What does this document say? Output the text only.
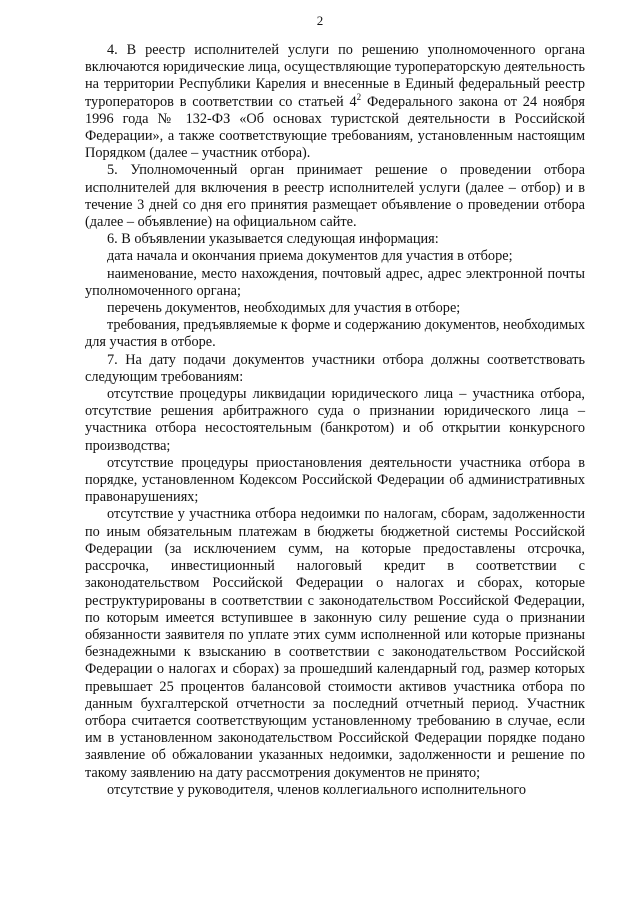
2

4. В реестр исполнителей услуги по решению уполномоченного органа включаются юридические лица, осуществляющие туроператорскую деятельность на территории Республики Карелия и внесенные в Единый федеральный реестр туроператоров в соответствии со статьей $4^2$ Федерального закона от 24 ноября 1996 года № 132-ФЗ «Об основах туристской деятельности в Российской Федерации», а также соответствующие требованиям, установленным настоящим Порядком (далее – участник отбора).

5. Уполномоченный орган принимает решение о проведении отбора исполнителей для включения в реестр исполнителей услуги (далее – отбор) и в течение 3 дней со дня его принятия размещает объявление о проведении отбора (далее – объявление) на официальном сайте.

6. В объявлении указывается следующая информация:

дата начала и окончания приема документов для участия в отборе;

наименование, место нахождения, почтовый адрес, адрес электронной почты уполномоченного органа;

перечень документов, необходимых для участия в отборе;

требования, предъявляемые к форме и содержанию документов, необходимых для участия в отборе.

7. На дату подачи документов участники отбора должны соответствовать следующим требованиям:

отсутствие процедуры ликвидации юридического лица – участника отбора, отсутствие решения арбитражного суда о признании юридического лица – участника отбора несостоятельным (банкротом) и об открытии конкурсного производства;

отсутствие процедуры приостановления деятельности участника отбора в порядке, установленном Кодексом Российской Федерации об административных правонарушениях;

отсутствие у участника отбора недоимки по налогам, сборам, задолженности по иным обязательным платежам в бюджеты бюджетной системы Российской Федерации (за исключением сумм, на которые предоставлены отсрочка, рассрочка, инвестиционный налоговый кредит в соответствии с законодательством Российской Федерации о налогах и сборах, которые реструктурированы в соответствии с законодательством Российской Федерации, по которым имеется вступившее в законную силу решение суда о признании обязанности заявителя по уплате этих сумм исполненной или которые признаны безнадежными к взысканию в соответствии с законодательством Российской Федерации о налогах и сборах) за прошедший календарный год, размер которых превышает 25 процентов балансовой стоимости активов участника отбора по данным бухгалтерской отчетности за последний отчетный период. Участник отбора считается соответствующим установленному требованию в случае, если им в установленном законодательством Российской Федерации порядке подано заявление об обжаловании указанных недоимки, задолженности и решение по такому заявлению на дату рассмотрения документов не принято;

отсутствие у руководителя, членов коллегиального исполнительного
